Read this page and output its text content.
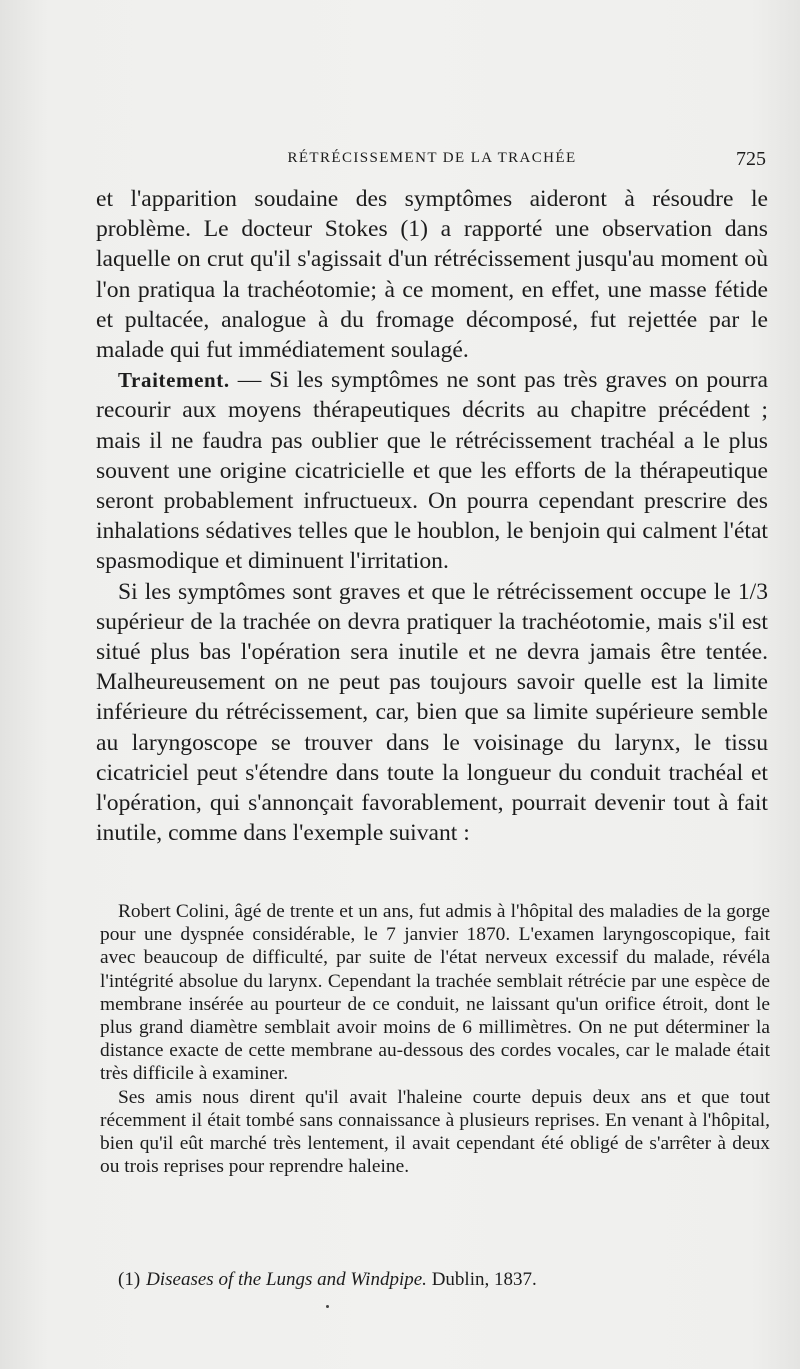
RÉTRÉCISSEMENT DE LA TRACHÉE	725

et l'apparition soudaine des symptômes aideront à résoudre le problème. Le docteur Stokes (1) a rapporté une observation dans laquelle on crut qu'il s'agissait d'un rétrécissement jusqu'au moment où l'on pratiqua la trachéotomie; à ce moment, en effet, une masse fétide et pultacée, analogue à du fromage décomposé, fut rejettée par le malade qui fut immédiatement soulagé.

Traitement. — Si les symptômes ne sont pas très graves on pourra recourir aux moyens thérapeutiques décrits au chapitre précédent ; mais il ne faudra pas oublier que le rétrécissement trachéal a le plus souvent une origine cicatricielle et que les efforts de la thérapeutique seront probablement infructueux. On pourra cependant prescrire des inhalations sédatives telles que le houblon, le benjoin qui calment l'état spasmodique et diminuent l'irritation.

Si les symptômes sont graves et que le rétrécissement occupe le 1/3 supérieur de la trachée on devra pratiquer la trachéotomie, mais s'il est situé plus bas l'opération sera inutile et ne devra jamais être tentée. Malheureusement on ne peut pas toujours savoir quelle est la limite inférieure du rétrécissement, car, bien que sa limite supérieure semble au laryngoscope se trouver dans le voisinage du larynx, le tissu cicatriciel peut s'étendre dans toute la longueur du conduit trachéal et l'opération, qui s'annonçait favorablement, pourrait devenir tout à fait inutile, comme dans l'exemple suivant :

Robert Colini, âgé de trente et un ans, fut admis à l'hôpital des maladies de la gorge pour une dyspnée considérable, le 7 janvier 1870. L'examen laryngoscopique, fait avec beaucoup de difficulté, par suite de l'état nerveux excessif du malade, révéla l'intégrité absolue du larynx. Cependant la trachée semblait rétrécie par une espèce de membrane insérée au pourteur de ce conduit, ne laissant qu'un orifice étroit, dont le plus grand diamètre semblait avoir moins de 6 millimètres. On ne put déterminer la distance exacte de cette membrane au-dessous des cordes vocales, car le malade était très difficile à examiner.

Ses amis nous dirent qu'il avait l'haleine courte depuis deux ans et que tout récemment il était tombé sans connaissance à plusieurs reprises. En venant à l'hôpital, bien qu'il eût marché très lentement, il avait cependant été obligé de s'arrêter à deux ou trois reprises pour reprendre haleine.

(1) Diseases of the Lungs and Windpipe. Dublin, 1837.
